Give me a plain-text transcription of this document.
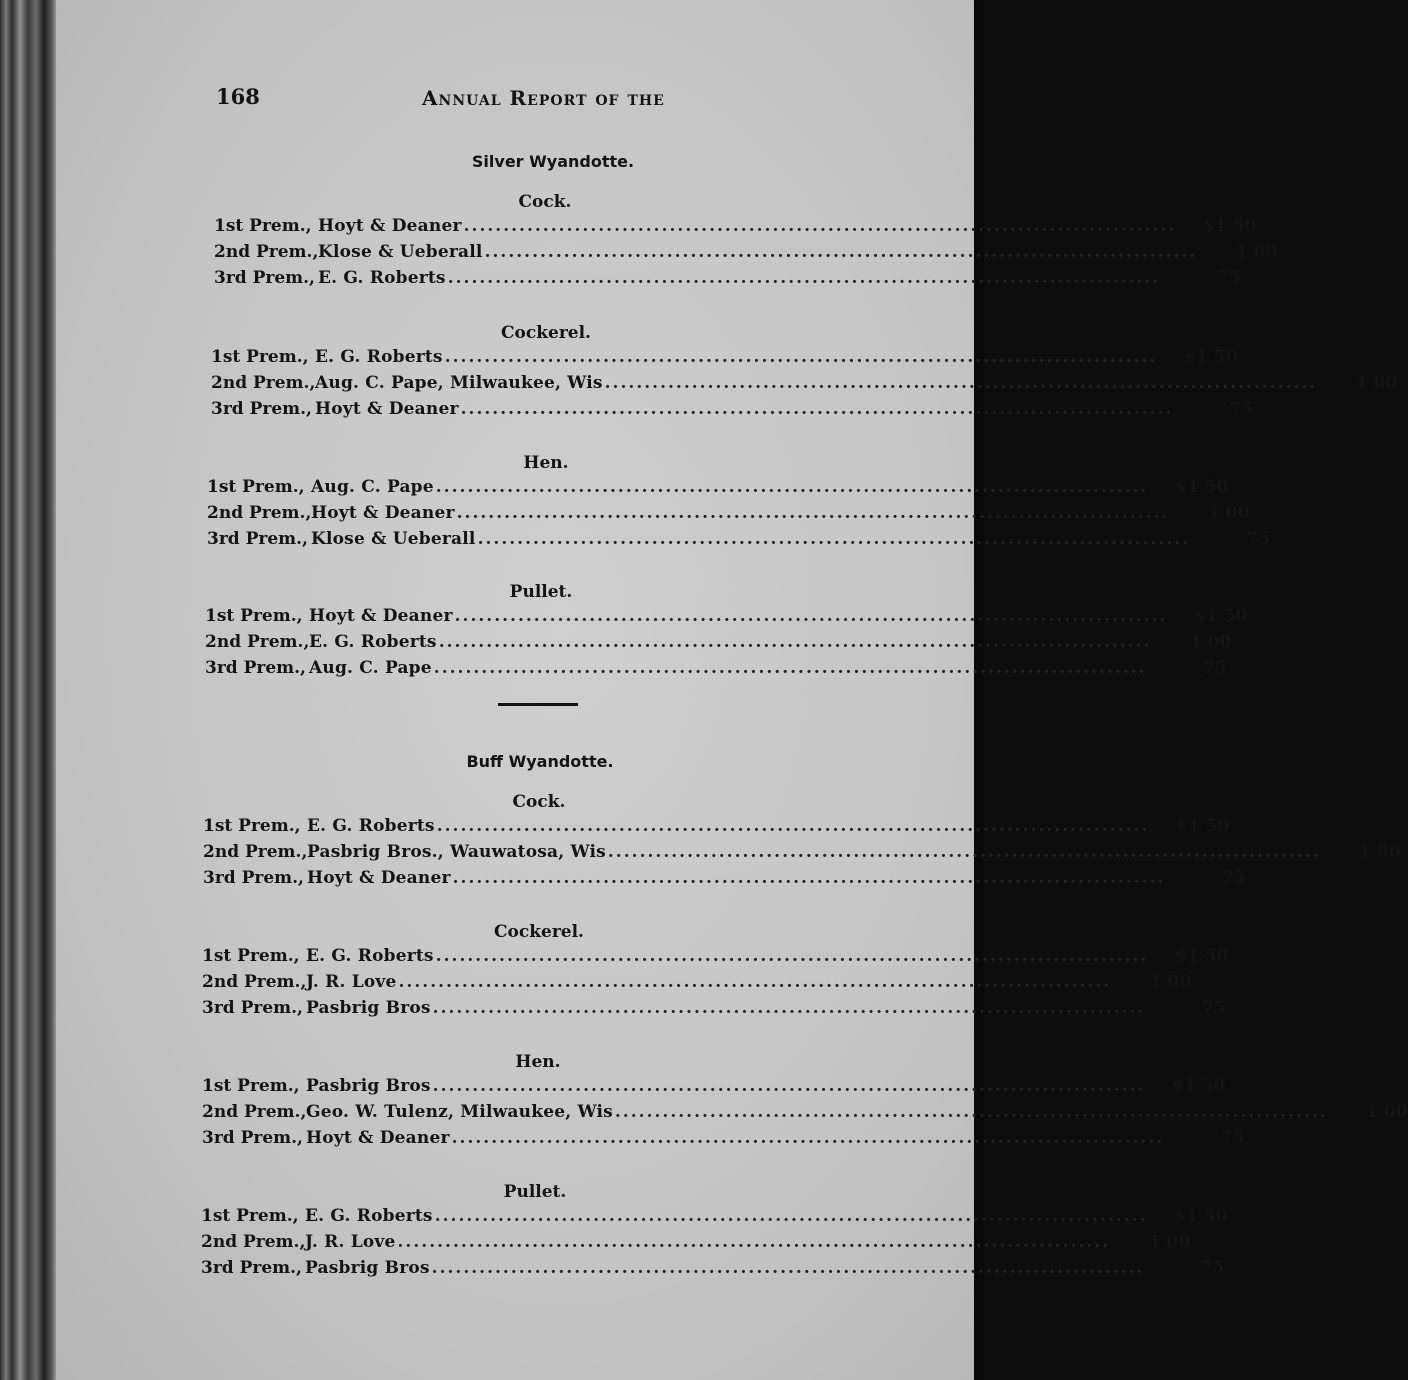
168	Annual Report of the
Silver Wyandotte.
Cock.
1st Prem., Hoyt & Deaner .......................................................................................... $1 50
2nd Prem., Klose & Ueberall ..........................................................................................	1 00
3rd Prem., E. G. Roberts ..........................................................................................	75
Cockerel.
1st Prem., E. G. Roberts .......................................................................................... $1 50
2nd Prem., Aug. C. Pape, Milwaukee, Wis ..........................................................................................	1 00
3rd Prem., Hoyt & Deaner ..........................................................................................	75
Hen.
1st Prem., Aug. C. Pape .......................................................................................... $1 50
2nd Prem., Hoyt & Deaner ..........................................................................................	1 00
3rd Prem., Klose & Ueberall ..........................................................................................	75
Pullet.
1st Prem., Hoyt & Deaner .......................................................................................... $1 50
2nd Prem., E. G. Roberts ..........................................................................................	1 00
3rd Prem., Aug. C. Pape ..........................................................................................	75
Buff Wyandotte.
Cock.
1st Prem., E. G. Roberts .......................................................................................... $1 50
2nd Prem., Pasbrig Bros., Wauwatosa, Wis ..........................................................................................	1 00
3rd Prem., Hoyt & Deaner ..........................................................................................	75
Cockerel.
1st Prem., E. G. Roberts .......................................................................................... $1 50
2nd Prem., J. R. Love ..........................................................................................	1 00
3rd Prem., Pasbrig Bros ..........................................................................................	75
Hen.
1st Prem., Pasbrig Bros .......................................................................................... $1 50
2nd Prem., Geo. W. Tulenz, Milwaukee, Wis ..........................................................................................	1 00
3rd Prem., Hoyt & Deaner ..........................................................................................	75
Pullet.
1st Prem., E. G. Roberts .......................................................................................... $1 50
2nd Prem., J. R. Love ..........................................................................................	1 00
3rd Prem., Pasbrig Bros ..........................................................................................	75
